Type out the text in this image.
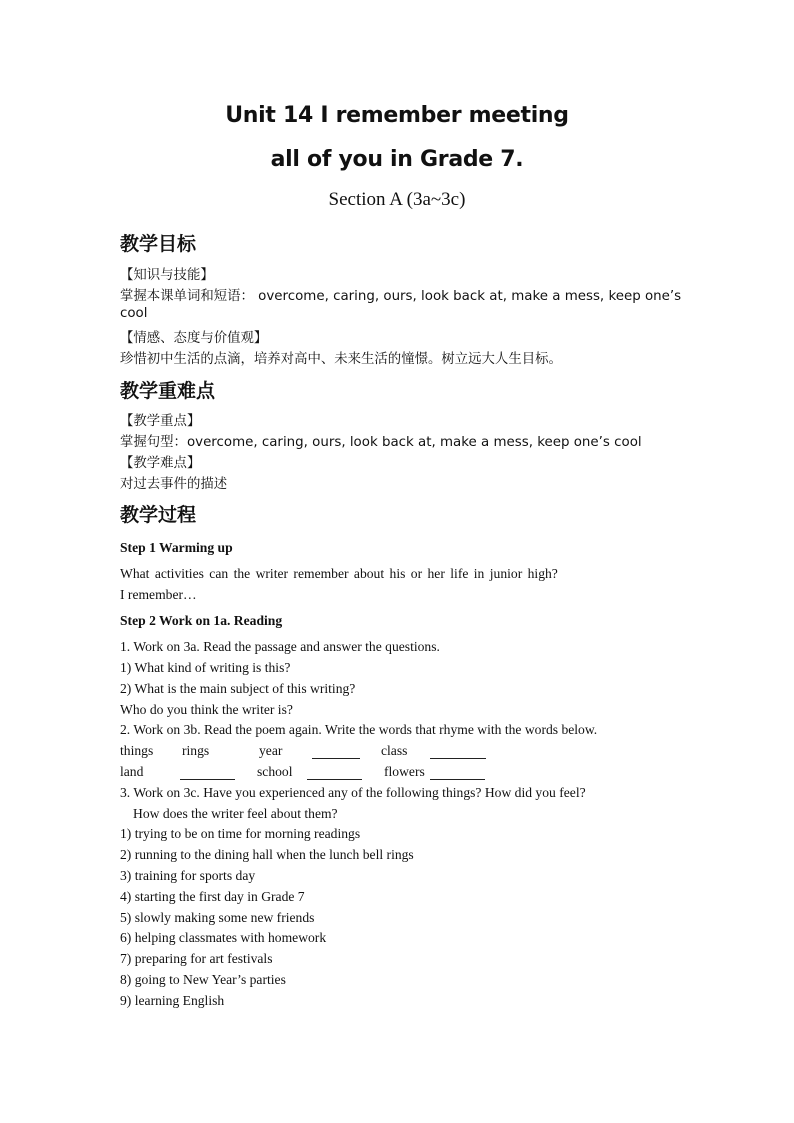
Unit 14 I remember meeting
all of you in Grade 7.
Section A (3a~3c)
教学目标
【知识与技能】
掌握本课单词和短语： overcome, caring, ours, look back at, make a mess, keep one’s
cool
【情感、态度与价值观】
珍惜初中生活的点滴，培养对高中、未来生活的憧憬。树立远大人生目标。
教学重难点
【教学重点】
掌握句型：overcome, caring, ours, look back at, make a mess, keep one’s cool
【教学难点】
对过去事件的描述
教学过程
Step 1 Warming up
What activities can the writer remember about his or her life in junior high?
I remember…
Step 2 Work on 1a. Reading
1. Work on 3a. Read the passage and answer the questions.
1) What kind of writing is this?
2) What is the main subject of this writing?
Who do you think the writer is?
2. Work on 3b. Read the poem again. Write the words that rhyme with the words below.
things rings	year	class
land	school	flowers
3. Work on 3c. Have you experienced any of the following things? How did you feel?
How does the writer feel about them?
1) trying to be on time for morning readings
2) running to the dining hall when the lunch bell rings
3) training for sports day
4) starting the first day in Grade 7
5) slowly making some new friends
6) helping classmates with homework
7) preparing for art festivals
8) going to New Year’s parties
9) learning English
